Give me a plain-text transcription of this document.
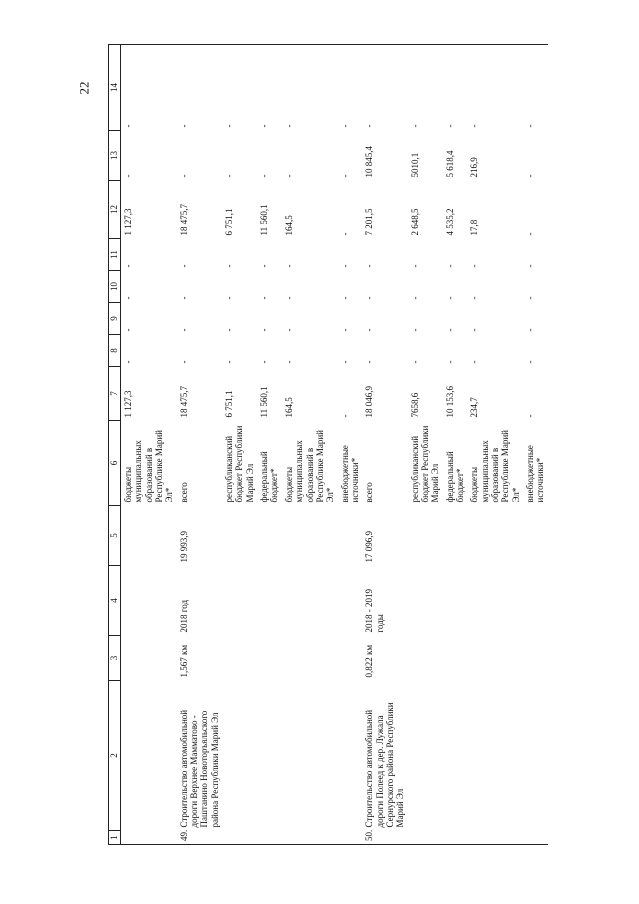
22
1	2	3	4	5	6	7	8	9	10	11	12	13	14
					бюджеты муниципальных образований в Республике Марий Эл*	1 127,3	-	-	-	-	1 127,3	-	-
49.	Строительство автомобильной дороги Верхнее Мамматово - Паштанино Новоторъяльского района Республики Марий Эл	1,567 км	2018 год	19 993,9	всего	18 475,7	-	-	-	-	18 475,7	-	-
					республиканский бюджет Республики Марий Эл	6 751,1	-	-	-	-	6 751,1	-	-
					федеральный бюджет*	11 560,1	-	-	-	-	11 560,1	-	-
					бюджеты муниципальных образований в Республике Марий Эл*	164,5	-	-	-	-	164,5	-	-
					внебюджетные источники*	-	-	-	-	-	-	-	-
50.	Строительство автомобильной дороги Полеед к дер. Лужала Сернурского района Республики Марий Эл	0,822 км	2018 - 2019 годы	17 096,9	всего	18 046,9	-	-	-	-	7 201,5	10 845,4	-
					республиканский бюджет Республики Марий Эл	7658,6	-	-	-	-	2 648,5	5010,1	-
					федеральный бюджет*	10 153,6	-	-	-	-	4 535,2	5 618,4	-
					бюджеты муниципальных образований в Республике Марий Эл*	234,7	-	-	-	-	17,8	216,9	-
					внебюджетные источники*	-	-	-	-	-	-	-	-
